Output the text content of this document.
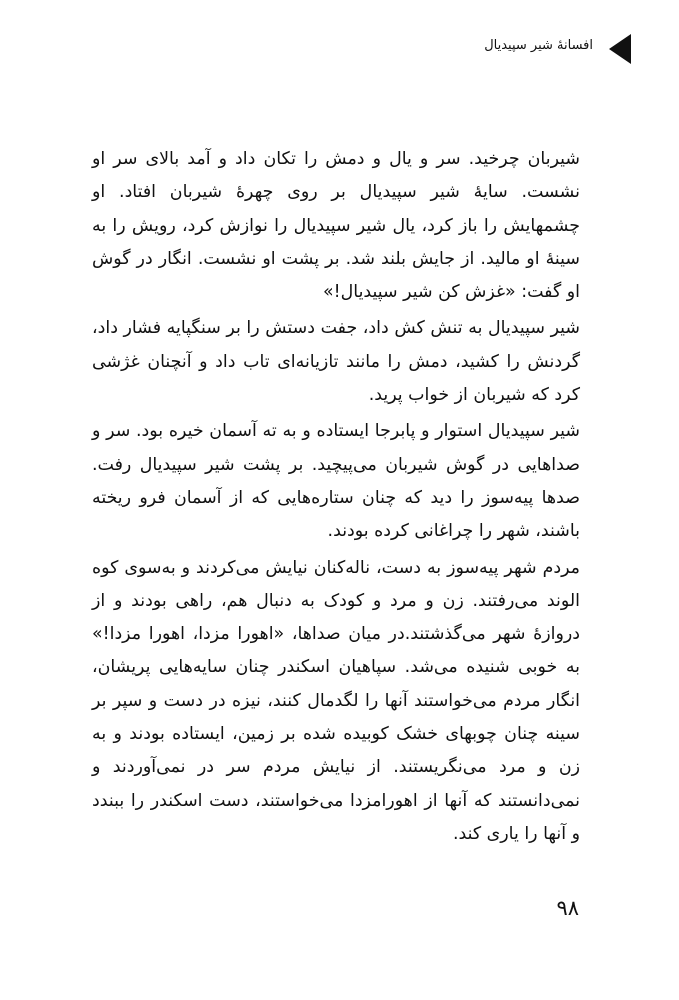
افسانهٔ شیر سپیدیال

شیربان چرخید. سر و یال و دمش را تکان داد و آمد بالای سر او نشست. سایهٔ شیر سپیدیال بر روی چهرهٔ شیربان افتاد. او چشمهایش را باز کرد، یال شیر سپیدیال را نوازش کرد، رویش را به سینهٔ او مالید. از جایش بلند شد. بر پشت او نشست. انگار در گوش او گفت: «غزش کن شیر سپیدیال!»

شیر سپیدیال به تنش کش داد، جفت دستش را بر سنگپایه فشار داد، گردنش را کشید، دمش را مانند تازیانه‌ای تاب داد و آنچنان غژشی کرد که شیربان از خواب پرید.

شیر سپیدیال استوار و پابرجا ایستاده و به ته آسمان خیره بود. سر و صداهایی در گوش شیربان می‌پیچید. بر پشت شیر سپیدیال رفت. صدها پیه‌سوز را دید که چنان ستاره‌هایی که از آسمان فرو ریخته باشند، شهر را چراغانی کرده بودند.

مردم شهر پیه‌سوز به دست، ناله‌کنان نیایش می‌کردند و به‌سوی کوه الوند می‌رفتند. زن و مرد و کودک به دنبال هم، راهی بودند و از دروازهٔ شهر می‌گذشتند.در میان صداها، «اهورا مزدا، اهورا مزدا!» به خوبی شنیده می‌شد. سپاهیان اسکندر چنان سایه‌هایی پریشان، انگار مردم می‌خواستند آنها را لگدمال کنند، نیزه در دست و سپر بر سینه چنان چوبهای خشک کوبیده شده بر زمین، ایستاده بودند و به زن و مرد می‌نگریستند. از نیایش مردم سر در نمی‌آوردند و نمی‌دانستند که آنها از اهورامزدا می‌خواستند، دست اسکندر را ببندد و آنها را یاری کند.

۹۸
